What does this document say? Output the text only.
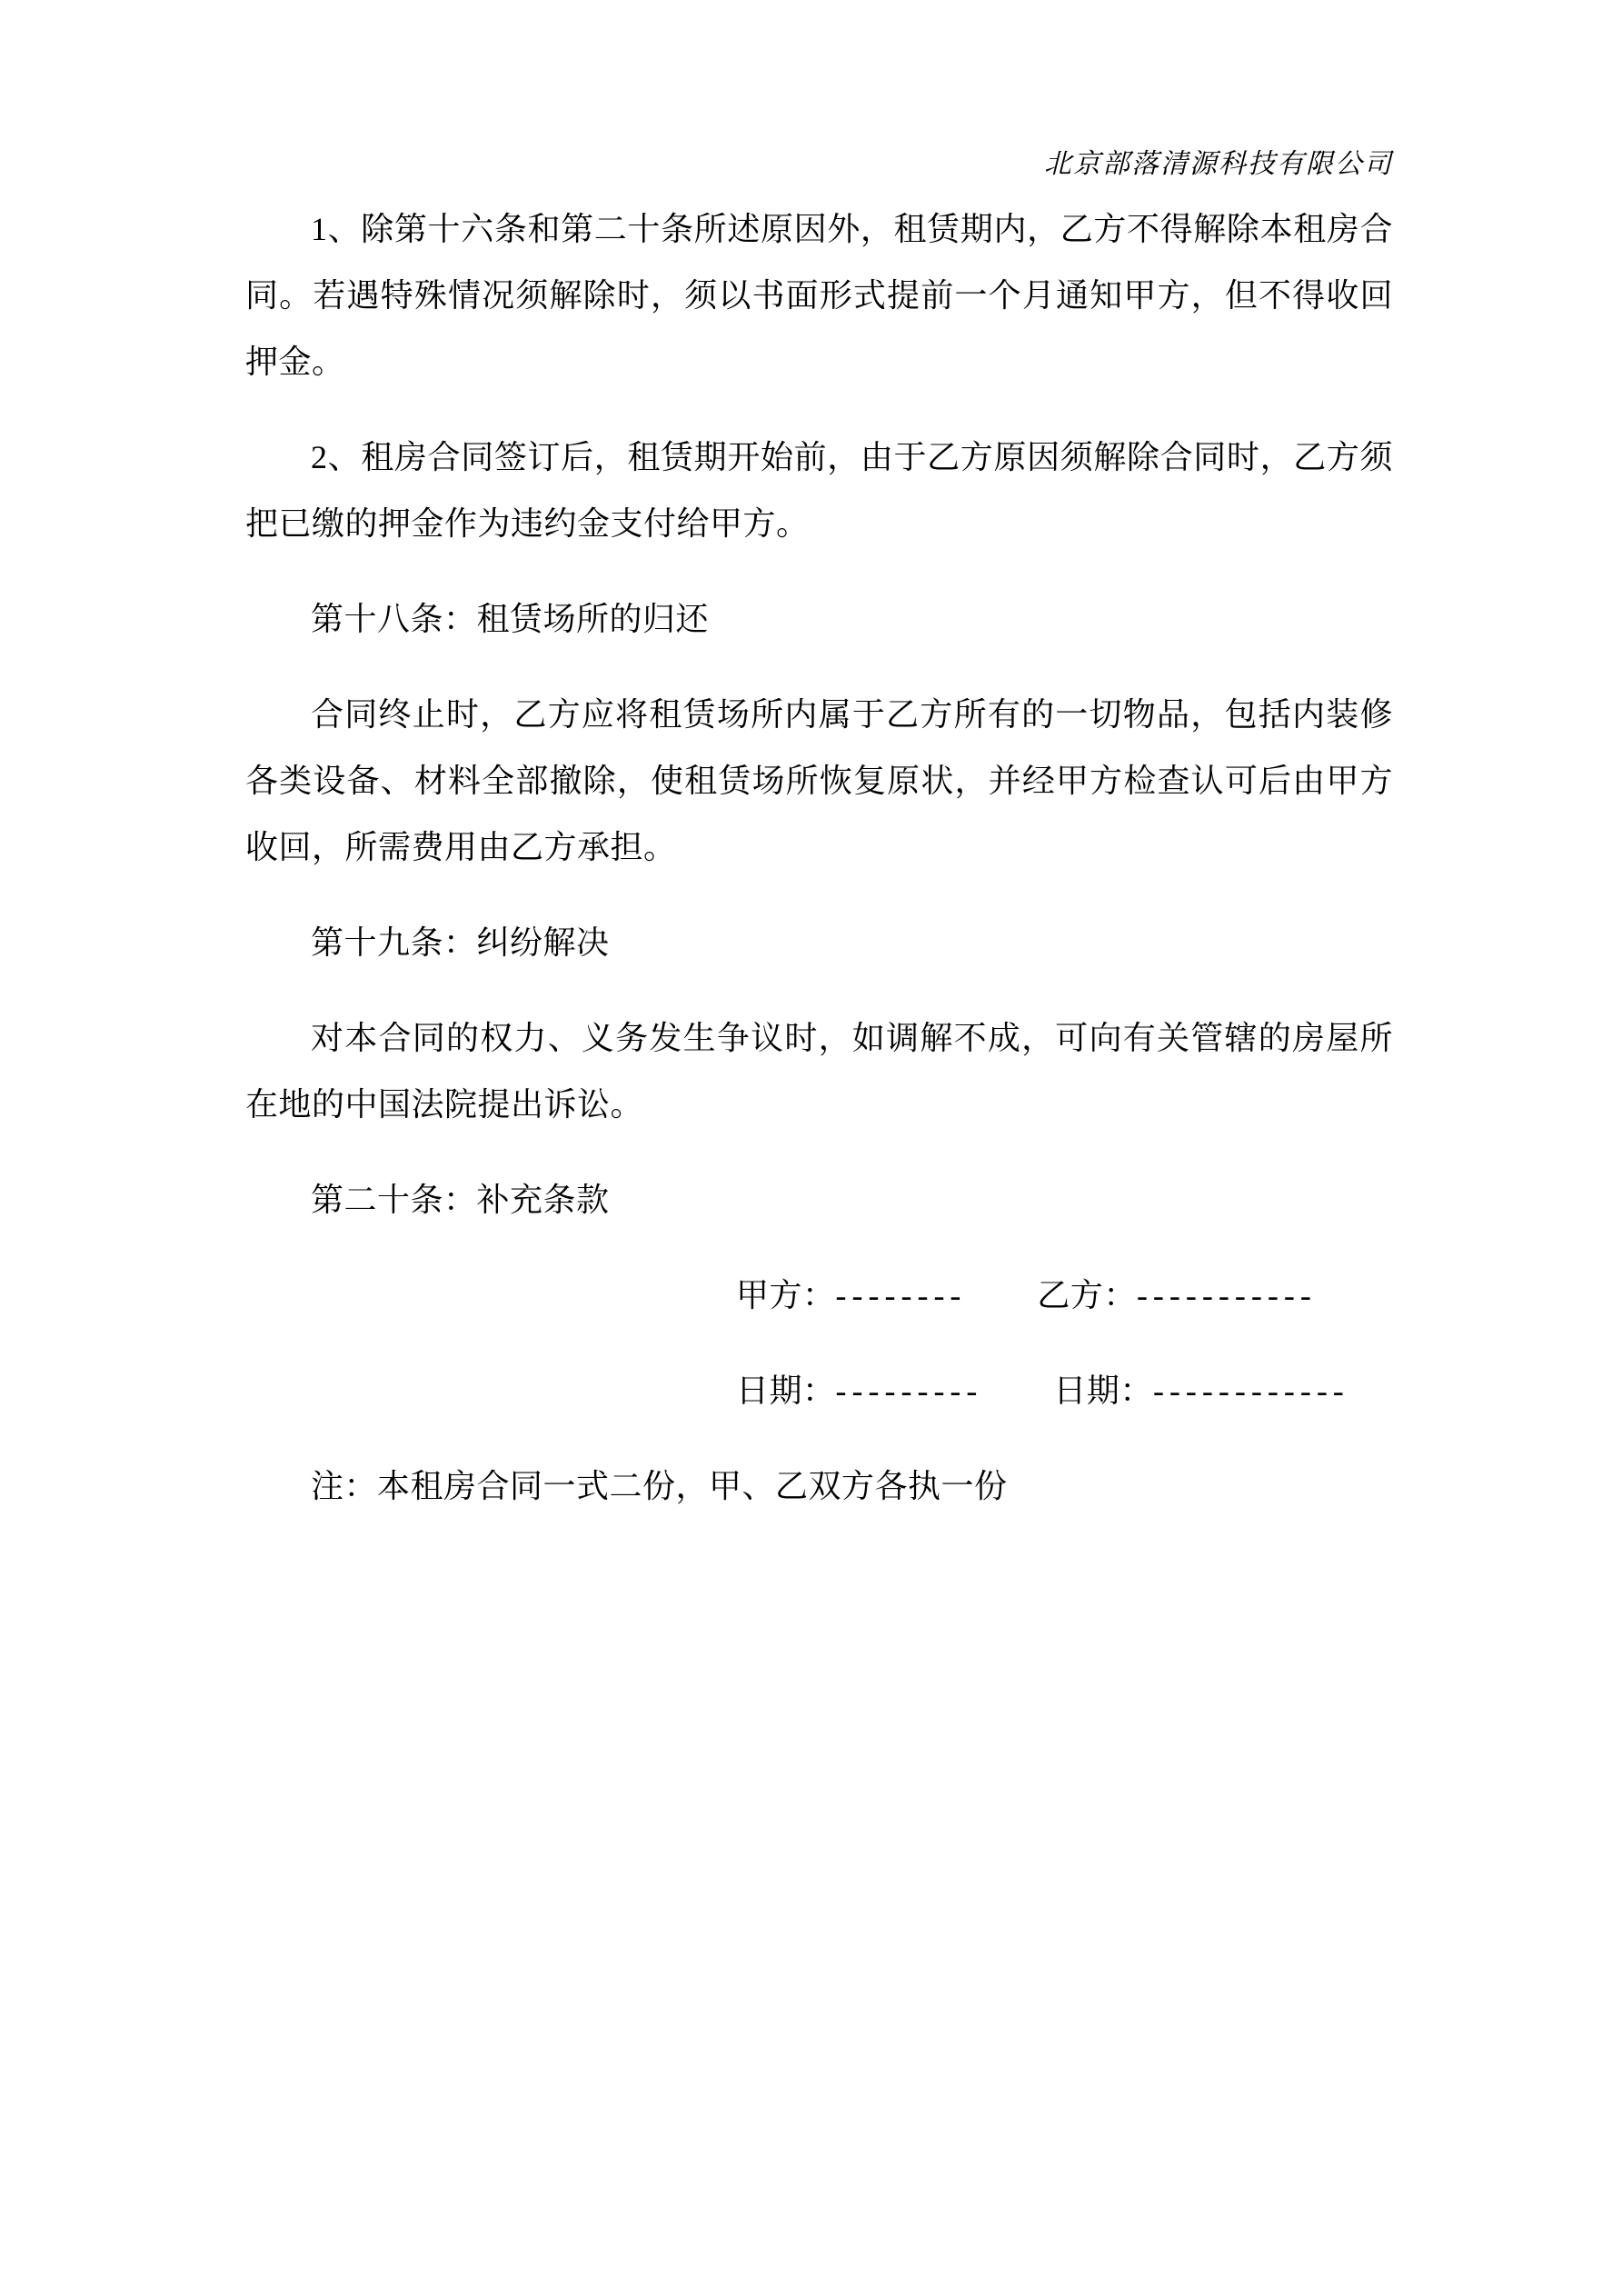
北京部落清源科技有限公司

1、除第十六条和第二十条所述原因外，租赁期内，乙方不得解除本租房合同。若遇特殊情况须解除时，须以书面形式提前一个月通知甲方，但不得收回押金。

2、租房合同签订后，租赁期开始前，由于乙方原因须解除合同时，乙方须把已缴的押金作为违约金支付给甲方。

第十八条：租赁场所的归还

合同终止时，乙方应将租赁场所内属于乙方所有的一切物品，包括内装修各类设备、材料全部撤除，使租赁场所恢复原状，并经甲方检查认可后由甲方收回，所需费用由乙方承担。

第十九条：纠纷解决

对本合同的权力、义务发生争议时，如调解不成，可向有关管辖的房屋所在地的中国法院提出诉讼。

第二十条：补充条款

甲方：-------- 乙方：-----------

日期：--------- 日期：------------

注：本租房合同一式二份，甲、乙双方各执一份
